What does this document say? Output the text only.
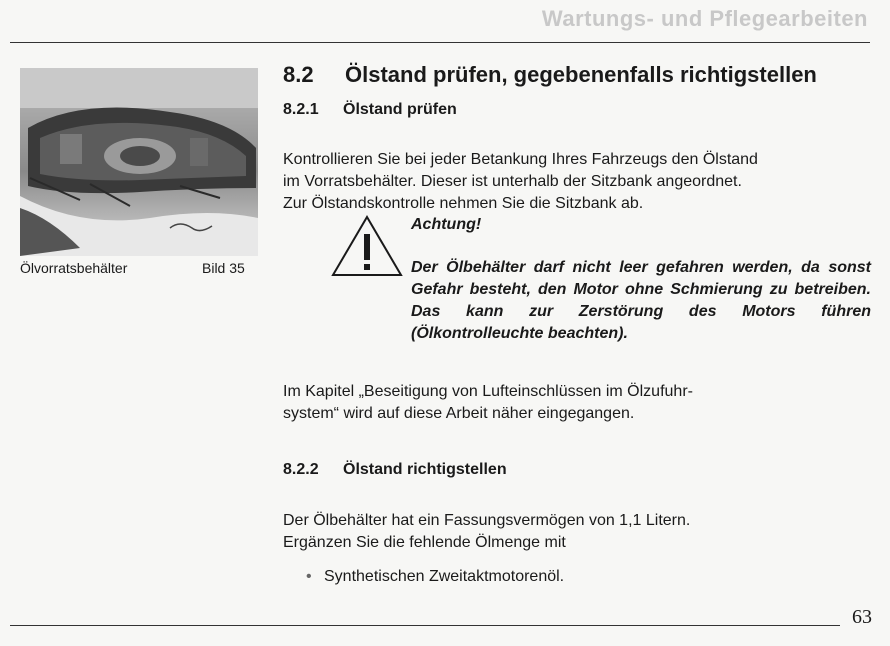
Wartungs- und Pflegearbeiten
Ölvorratsbehälter	Bild 35
8.2 Ölstand prüfen, gegebenenfalls richtigstellen
8.2.1 Ölstand prüfen
Kontrollieren Sie bei jeder Betankung Ihres Fahrzeugs den Ölstand
im Vorratsbehälter. Dieser ist unterhalb der Sitzbank angeordnet.
Zur Ölstandskontrolle nehmen Sie die Sitzbank ab.
Achtung!
Der Ölbehälter darf nicht leer gefahren werden, da sonst Gefahr besteht, den Motor ohne Schmierung zu betreiben. Das kann zur Zerstörung des Motors führen (Ölkontrolleuchte beachten).
Im Kapitel „Beseitigung von Lufteinschlüssen im Ölzufuhr-
system“ wird auf diese Arbeit näher eingegangen.
8.2.2 Ölstand richtigstellen
Der Ölbehälter hat ein Fassungsvermögen von 1,1 Litern.
Ergänzen Sie die fehlende Ölmenge mit
• Synthetischen Zweitaktmotorenöl.
63
